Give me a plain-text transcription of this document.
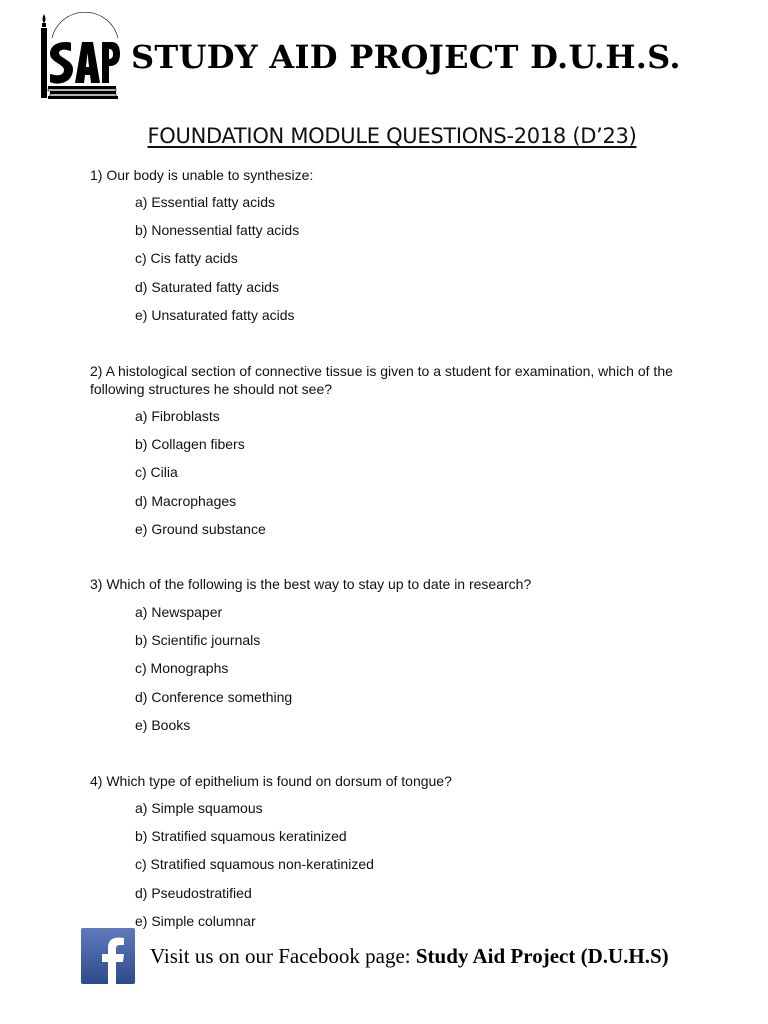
STUDY AID PROJECT D.U.H.S.
FOUNDATION MODULE QUESTIONS-2018 (D’23)

1) Our body is unable to synthesize:

a) Essential fatty acids
b) Nonessential fatty acids
c) Cis fatty acids
d) Saturated fatty acids
e) Unsaturated fatty acids

2) A histological section of connective tissue is given to a student for examination, which of the following structures he should not see?

a) Fibroblasts
b) Collagen fibers
c) Cilia
d) Macrophages
e) Ground substance

3) Which of the following is the best way to stay up to date in research?

a) Newspaper
b) Scientific journals
c) Monographs
d) Conference something
e) Books

4) Which type of epithelium is found on dorsum of tongue?

a) Simple squamous
b) Stratified squamous keratinized
c) Stratified squamous non-keratinized
d) Pseudostratified
e) Simple columnar

Visit us on our Facebook page: Study Aid Project (D.U.H.S)
